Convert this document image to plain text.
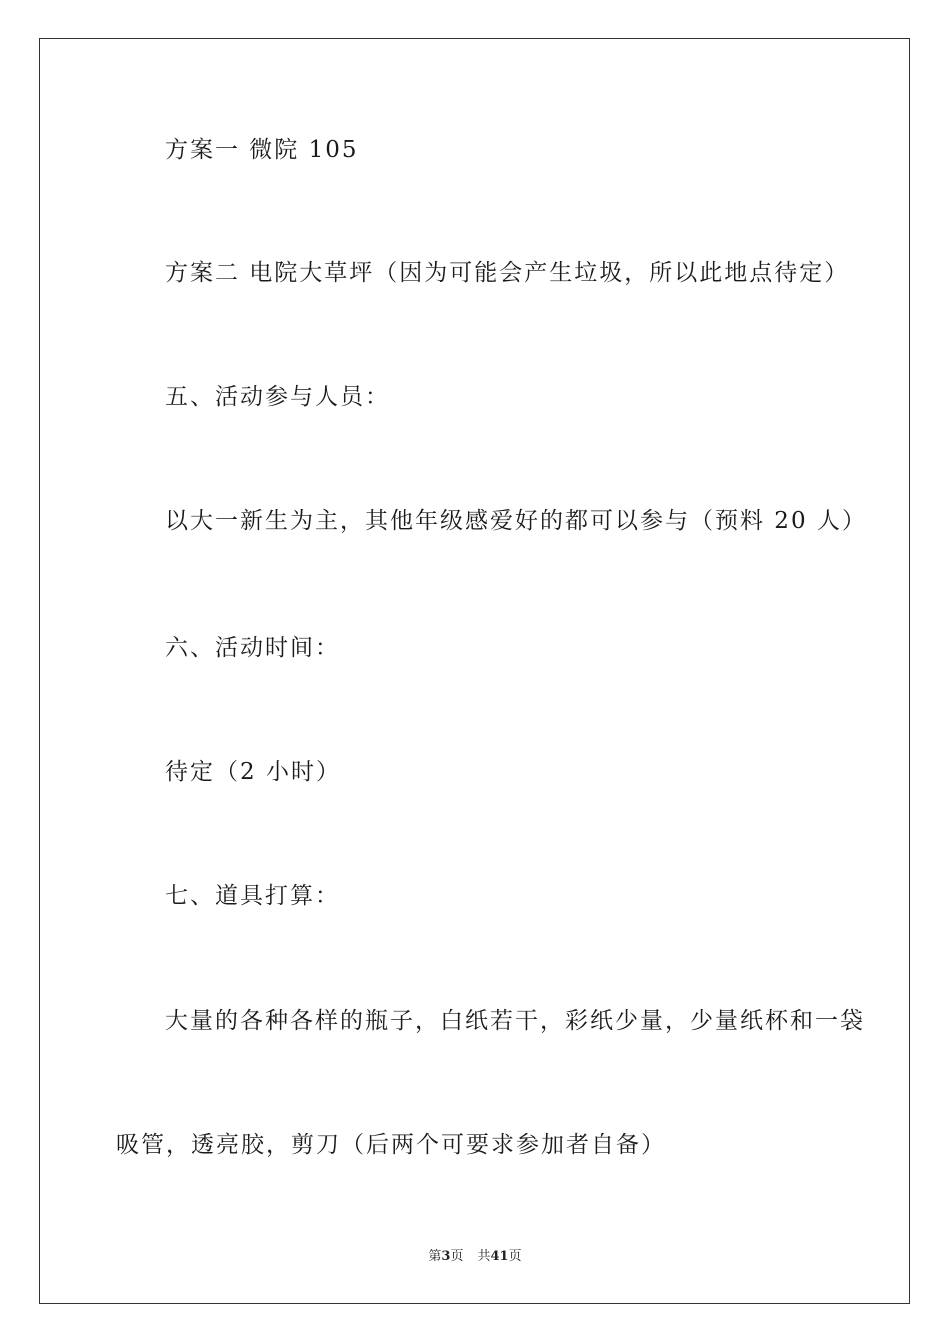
方案一 微院 105
方案二 电院大草坪（因为可能会产生垃圾，所以此地点待定）
五、活动参与人员：
以大一新生为主，其他年级感爱好的都可以参与（预料 20 人）
六、活动时间：
待定（2 小时）
七、道具打算：
大量的各种各样的瓶子，白纸若干，彩纸少量，少量纸杯和一袋
吸管，透亮胶，剪刀（后两个可要求参加者自备）
第3页 共41页
